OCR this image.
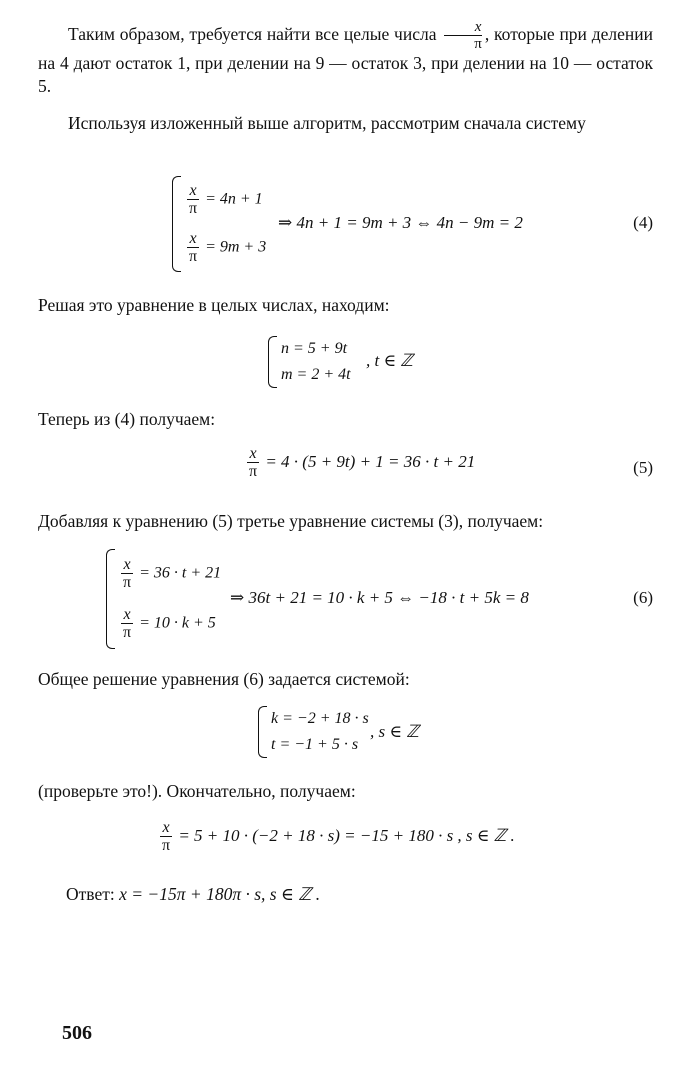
Таким образом, требуется найти все целые числа $\frac{x}{\pi}$ , которые при делении на 4 дают остаток 1, при делении на 9 — остаток 3, при делении на 10 — остаток 5.
Используя изложенный выше алгоритм, рассмотрим сначала систему
$\frac{x}{\pi} = 4n + 1$
$\frac{x}{\pi} = 9m + 3$
⇒ 4n + 1 = 9m + 3 ⇔ 4n − 9m = 2	(4)
Решая это уравнение в целых числах, находим:
n = 5 + 9t
m = 2 + 4t
, t ∈ ℤ
Теперь из (4) получаем:
$\frac{x}{\pi} = 4 \cdot (5 + 9t) + 1 = 36 \cdot t + 21$	(5)
Добавляя к уравнению (5) третье уравнение системы (3), получаем:
$\frac{x}{\pi} = 36 \cdot t + 21$
$\frac{x}{\pi} = 10 \cdot k + 5$
⇒ 36t + 21 = 10 · k + 5 ⇔ −18 · t + 5k = 8	(6)
Общее решение уравнения (6) задается системой:
k = −2 + 18 · s
t = −1 + 5 · s
, s ∈ ℤ
(проверьте это!). Окончательно, получаем:
$\frac{x}{\pi} = 5 + 10 \cdot (-2 + 18 \cdot s) = -15 + 180 \cdot s$ , s ∈ ℤ .
Ответ: x = −15π + 180π · s, s ∈ ℤ .
506
